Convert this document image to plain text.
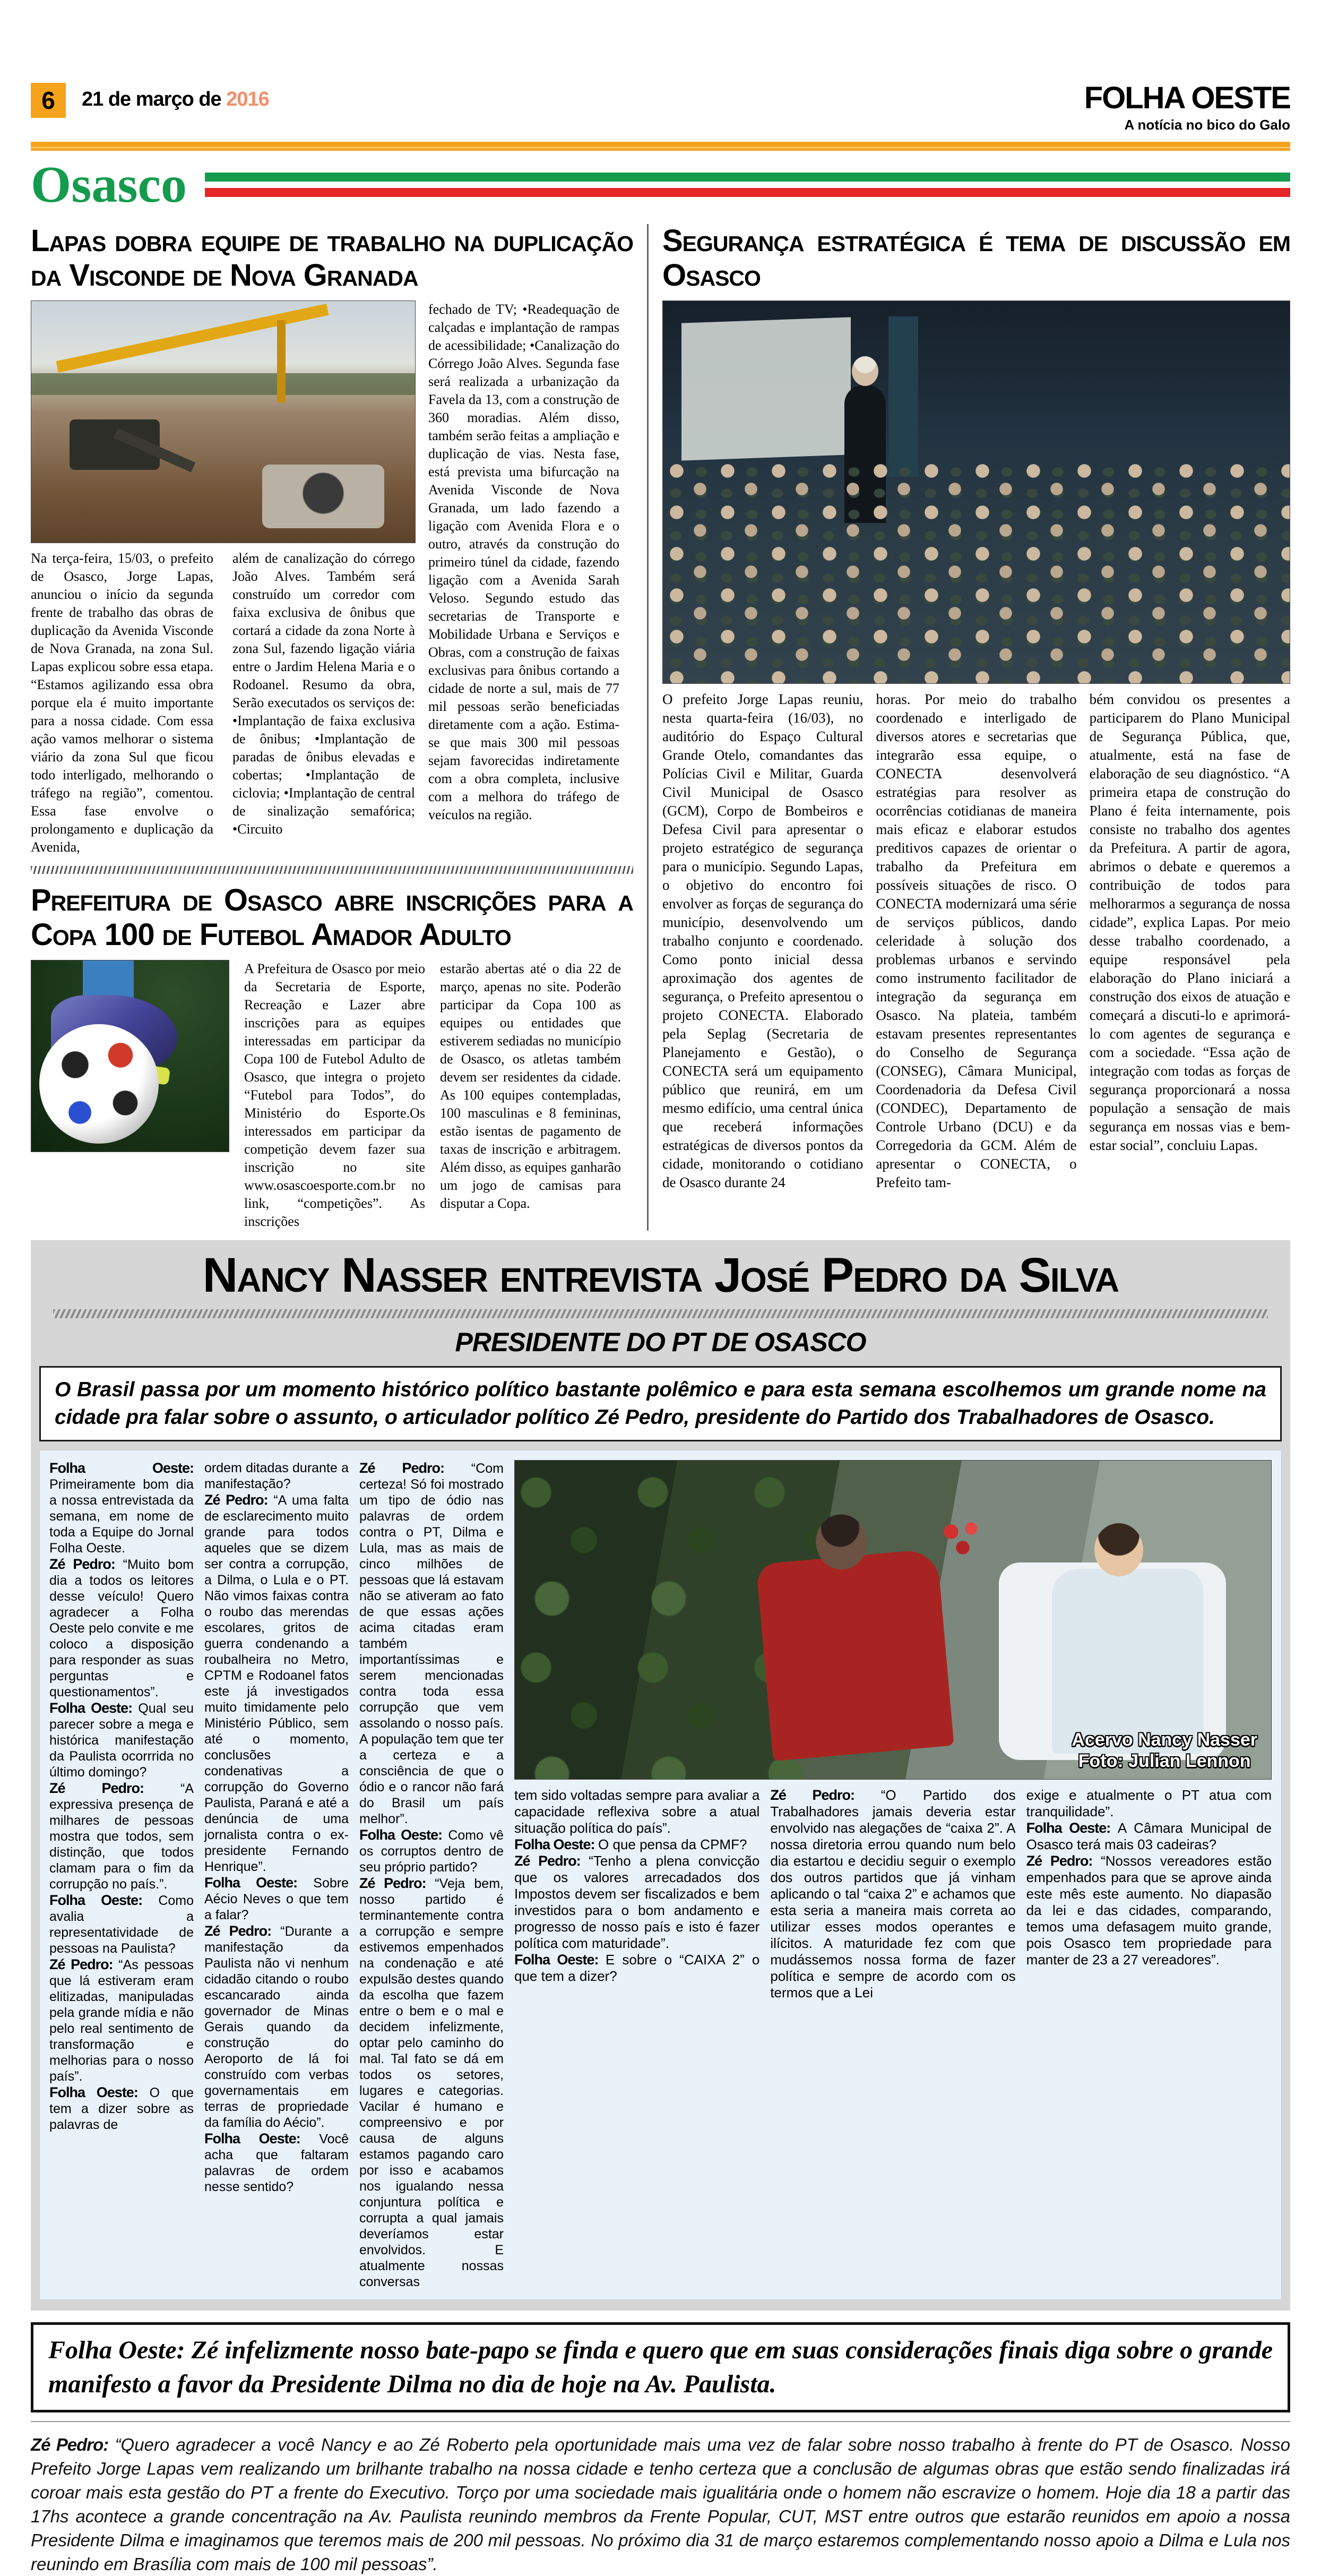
6	21 de março de 2016	FOLHA OESTE
A notícia no bico do Galo
Osasco
Lapas dobra equipe de trabalho na duplicação da Visconde de Nova Granada
Na terça-feira, 15/03, o prefeito de Osasco, Jorge Lapas, anunciou o início da segunda frente de trabalho das obras de duplicação da Avenida Visconde de Nova Granada, na zona Sul. Lapas explicou sobre essa etapa. “Estamos agilizando essa obra porque ela é muito importante para a nossa cidade. Com essa ação vamos melhorar o sistema viário da zona Sul que ficou todo interligado, melhorando o tráfego na região”, comentou. Essa fase envolve o prolongamento e duplicação da Avenida,
além de canalização do córrego João Alves. Também será construído um corredor com faixa exclusiva de ônibus que cortará a cidade da zona Norte à zona Sul, fazendo ligação viária entre o Jardim Helena Maria e o Rodoanel. Resumo da obra, Serão executados os serviços de: •Implantação de faixa exclusiva de ônibus; •Implantação de paradas de ônibus elevadas e cobertas; •Implantação de ciclovia; •Implantação de central de sinalização semafórica; •Circuito
fechado de TV; •Readequação de calçadas e implantação de rampas de acessibilidade; •Canalização do Córrego João Alves. Segunda fase será realizada a urbanização da Favela da 13, com a construção de 360 moradias. Além disso, também serão feitas a ampliação e duplicação de vias. Nesta fase, está prevista uma bifurcação na Avenida Visconde de Nova Granada, um lado fazendo a ligação com Avenida Flora e o outro, através da construção do primeiro túnel da cidade, fazendo ligação com a Avenida Sarah Veloso. Segundo estudo das secretarias de Transporte e Mobilidade Urbana e Serviços e Obras, com a construção de faixas exclusivas para ônibus cortando a cidade de norte a sul, mais de 77 mil pessoas serão beneficiadas diretamente com a ação. Estima-se que mais 300 mil pessoas sejam favorecidas indiretamente com a obra completa, inclusive com a melhora do tráfego de veículos na região.
Prefeitura de Osasco abre inscrições para a Copa 100 de Futebol Amador Adulto
A Prefeitura de Osasco por meio da Secretaria de Esporte, Recreação e Lazer abre inscrições para as equipes interessadas em participar da Copa 100 de Futebol Adulto de Osasco, que integra o projeto “Futebol para Todos”, do Ministério do Esporte.Os interessados em participar da competição devem fazer sua inscrição no site www.osascoesporte.com.br no link, “competições”. As inscrições
estarão abertas até o dia 22 de março, apenas no site. Poderão participar da Copa 100 as equipes ou entidades que estiverem sediadas no município de Osasco, os atletas também devem ser residentes da cidade. As 100 equipes contempladas, 100 masculinas e 8 femininas, estão isentas de pagamento de taxas de inscrição e arbitragem. Além disso, as equipes ganharão um jogo de camisas para disputar a Copa.
Segurança estratégica é tema de discussão em Osasco
O prefeito Jorge Lapas reuniu, nesta quarta-feira (16/03), no auditório do Espaço Cultural Grande Otelo, comandantes das Polícias Civil e Militar, Guarda Civil Municipal de Osasco (GCM), Corpo de Bombeiros e Defesa Civil para apresentar o projeto estratégico de segurança para o município. Segundo Lapas, o objetivo do encontro foi envolver as forças de segurança do município, desenvolvendo um trabalho conjunto e coordenado. Como ponto inicial dessa aproximação dos agentes de segurança, o Prefeito apresentou o projeto CONECTA. Elaborado pela Seplag (Secretaria de Planejamento e Gestão), o CONECTA será um equipamento público que reunirá, em um mesmo edifício, uma central única que receberá informações estratégicas de diversos pontos da cidade, monitorando o cotidiano de Osasco durante 24
horas. Por meio do trabalho coordenado e interligado de diversos atores e secretarias que integrarão essa equipe, o CONECTA desenvolverá estratégias para resolver as ocorrências cotidianas de maneira mais eficaz e elaborar estudos preditivos capazes de orientar o trabalho da Prefeitura em possíveis situações de risco. O CONECTA modernizará uma série de serviços públicos, dando celeridade à solução dos problemas urbanos e servindo como instrumento facilitador de integração da segurança em Osasco. Na plateia, também estavam presentes representantes do Conselho de Segurança (CONSEG), Câmara Municipal, Coordenadoria da Defesa Civil (CONDEC), Departamento de Controle Urbano (DCU) e da Corregedoria da GCM. Além de apresentar o CONECTA, o Prefeito tam-
bém convidou os presentes a participarem do Plano Municipal de Segurança Pública, que, atualmente, está na fase de elaboração de seu diagnóstico. “A primeira etapa de construção do Plano é feita internamente, pois consiste no trabalho dos agentes da Prefeitura. A partir de agora, abrimos o debate e queremos a contribuição de todos para melhorarmos a segurança de nossa cidade”, explica Lapas. Por meio desse trabalho coordenado, a equipe responsável pela elaboração do Plano iniciará a construção dos eixos de atuação e começará a discuti-lo e aprimorá-lo com agentes de segurança e com a sociedade. “Essa ação de integração com todas as forças de segurança proporcionará a nossa população a sensação de mais segurança em nossas vias e bem-estar social”, concluiu Lapas.
Nancy Nasser entrevista José Pedro da Silva
PRESIDENTE DO PT DE OSASCO
O Brasil passa por um momento histórico político bastante polêmico e para esta semana escolhemos um grande nome na cidade pra falar sobre o assunto, o articulador político Zé Pedro, presidente do Partido dos Trabalhadores de Osasco.

Folha Oeste: Primeiramente bom dia a nossa entrevistada da semana, em nome de toda a Equipe do Jornal Folha Oeste.

Zé Pedro: “Muito bom dia a todos os leitores desse veículo! Quero agradecer a Folha Oeste pelo convite e me coloco a disposição para responder as suas perguntas e questionamentos”.

Folha Oeste: Qual seu parecer sobre a mega e histórica manifestação da Paulista ocorrrida no último domingo?

Zé Pedro: “A expressiva presença de milhares de pessoas mostra que todos, sem distinção, que todos clamam para o fim da corrupção no país.”.

Folha Oeste: Como avalia a representatividade de pessoas na Paulista?

Zé Pedro: “As pessoas que lá estiveram eram elitizadas, manipuladas pela grande mídia e não pelo real sentimento de transformação e melhorias para o nosso país”.

Folha Oeste: O que tem a dizer sobre as palavras de

ordem ditadas durante a manifestação?

Zé Pedro: “A uma falta de esclarecimento muito grande para todos aqueles que se dizem ser contra a corrupção, a Dilma, o Lula e o PT. Não vimos faixas contra o roubo das merendas escolares, gritos de guerra condenando a roubalheira no Metro, CPTM e Rodoanel fatos este já investigados muito timidamente pelo Ministério Público, sem até o momento, conclusões condenativas a corrupção do Governo Paulista, Paraná e até a denúncia de uma jornalista contra o ex-presidente Fernando Henrique”.

Folha Oeste: Sobre Aécio Neves o que tem a falar?

Zé Pedro: “Durante a manifestação da Paulista não vi nenhum cidadão citando o roubo escancarado ainda governador de Minas Gerais quando da construção do Aeroporto de lá foi construído com verbas governamentais em terras de propriedade da família do Aécio”.

Folha Oeste: Você acha que faltaram palavras de ordem nesse sentido?

Zé Pedro: “Com certeza! Só foi mostrado um tipo de ódio nas palavras de ordem contra o PT, Dilma e Lula, mas as mais de cinco milhões de pessoas que lá estavam não se ativeram ao fato de que essas ações acima citadas eram também importantíssimas e serem mencionadas contra toda essa corrupção que vem assolando o nosso país. A população tem que ter a certeza e a consciência de que o ódio e o rancor não fará do Brasil um país melhor”.

Folha Oeste: Como vê os corruptos dentro de seu próprio partido?

Zé Pedro: “Veja bem, nosso partido é terminantemente contra a corrupção e sempre estivemos empenhados na condenação e até expulsão destes quando da escolha que fazem entre o bem e o mal e decidem infelizmente, optar pelo caminho do mal. Tal fato se dá em todos os setores, lugares e categorias. Vacilar é humano e compreensivo e por causa de alguns estamos pagando caro por isso e acabamos nos igualando nessa conjuntura política e corrupta a qual jamais deveríamos estar envolvidos. E atualmente nossas conversas

Acervo Nancy Nasser
Foto: Julian Lennon

tem sido voltadas sempre para avaliar a capacidade reflexiva sobre a atual situação política do país”.

Folha Oeste: O que pensa da CPMF?

Zé Pedro: “Tenho a plena convicção que os valores arrecadados dos Impostos devem ser fiscalizados e bem investidos para o bom andamento e progresso de nosso país e isto é fazer política com maturidade”.

Folha Oeste: E sobre o “CAIXA 2” o que tem a dizer?

Zé Pedro: “O Partido dos Trabalhadores jamais deveria estar envolvido nas alegações de “caixa 2”. A nossa diretoria errou quando num belo dia estartou e decidiu seguir o exemplo dos outros partidos que já vinham aplicando o tal “caixa 2” e achamos que esta seria a maneira mais correta ao utilizar esses modos operantes e ilícitos. A maturidade fez com que mudássemos nossa forma de fazer política e sempre de acordo com os termos que a Lei

exige e atualmente o PT atua com tranquilidade”.

Folha Oeste: A Câmara Municipal de Osasco terá mais 03 cadeiras?

Zé Pedro: “Nossos vereadores estão empenhados para que se aprove ainda este mês este aumento. No diapasão da lei e das cidades, comparando, temos uma defasagem muito grande, pois Osasco tem propriedade para manter de 23 a 27 vereadores”.

Folha Oeste: Zé infelizmente nosso bate-papo se finda e quero que em suas considerações finais diga sobre o grande manifesto a favor da Presidente Dilma no dia de hoje na Av. Paulista.
Zé Pedro: “Quero agradecer a você Nancy e ao Zé Roberto pela oportunidade mais uma vez de falar sobre nosso trabalho à frente do PT de Osasco. Nosso Prefeito Jorge Lapas vem realizando um brilhante trabalho na nossa cidade e tenho certeza que a conclusão de algumas obras que estão sendo finalizadas irá coroar mais esta gestão do PT a frente do Executivo. Torço por uma sociedade mais igualitária onde o homem não escravize o homem. Hoje dia 18 a partir das 17hs acontece a grande concentração na Av. Paulista reunindo membros da Frente Popular, CUT, MST entre outros que estarão reunidos em apoio a nossa Presidente Dilma e imaginamos que teremos mais de 200 mil pessoas. No próximo dia 31 de março estaremos complementando nosso apoio a Dilma e Lula nos reunindo em Brasília com mais de 100 mil pessoas”.
